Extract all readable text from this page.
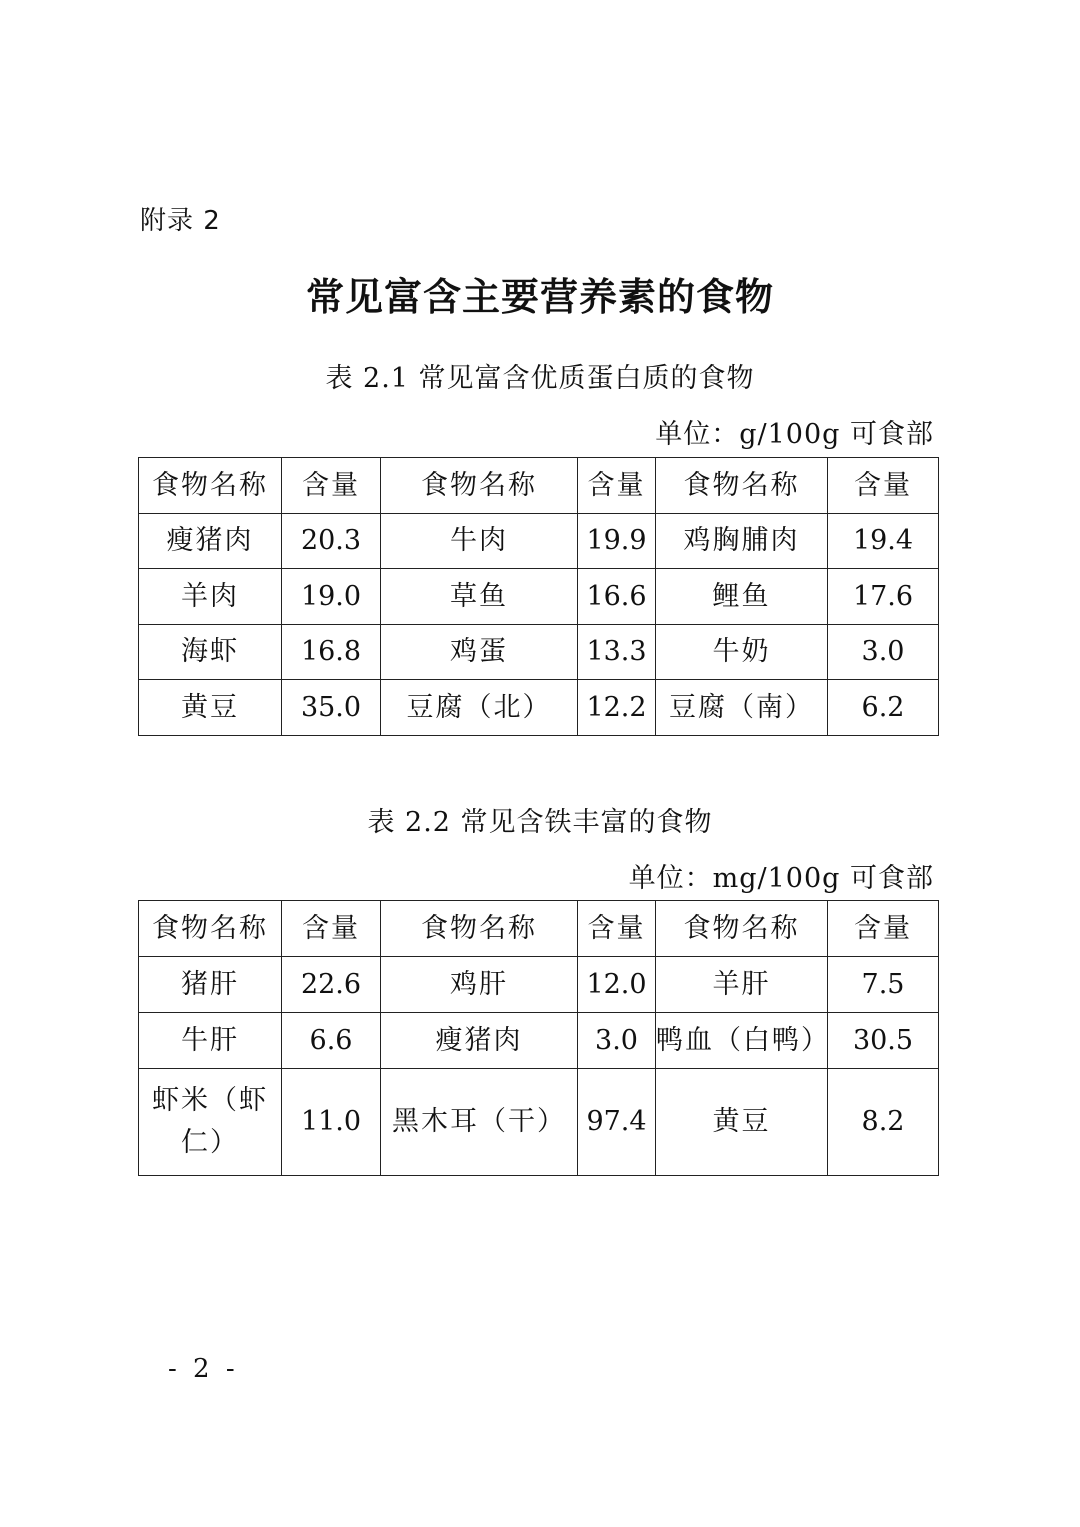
附录 2
常见富含主要营养素的食物
表 2.1 常见富含优质蛋白质的食物
单位：g/100g 可食部
食物名称	含量	食物名称	含量	食物名称	含量
瘦猪肉	20.3	牛肉	19.9	鸡胸脯肉	19.4
羊肉	19.0	草鱼	16.6	鲤鱼	17.6
海虾	16.8	鸡蛋	13.3	牛奶	3.0
黄豆	35.0	豆腐（北）	12.2	豆腐（南）	6.2
表 2.2 常见含铁丰富的食物
单位：mg/100g 可食部
食物名称	含量	食物名称	含量	食物名称	含量
猪肝	22.6	鸡肝	12.0	羊肝	7.5
牛肝	6.6	瘦猪肉	3.0	鸭血（白鸭）	30.5
虾米（虾仁）	11.0	黑木耳（干）	97.4	黄豆	8.2
- 2 -
